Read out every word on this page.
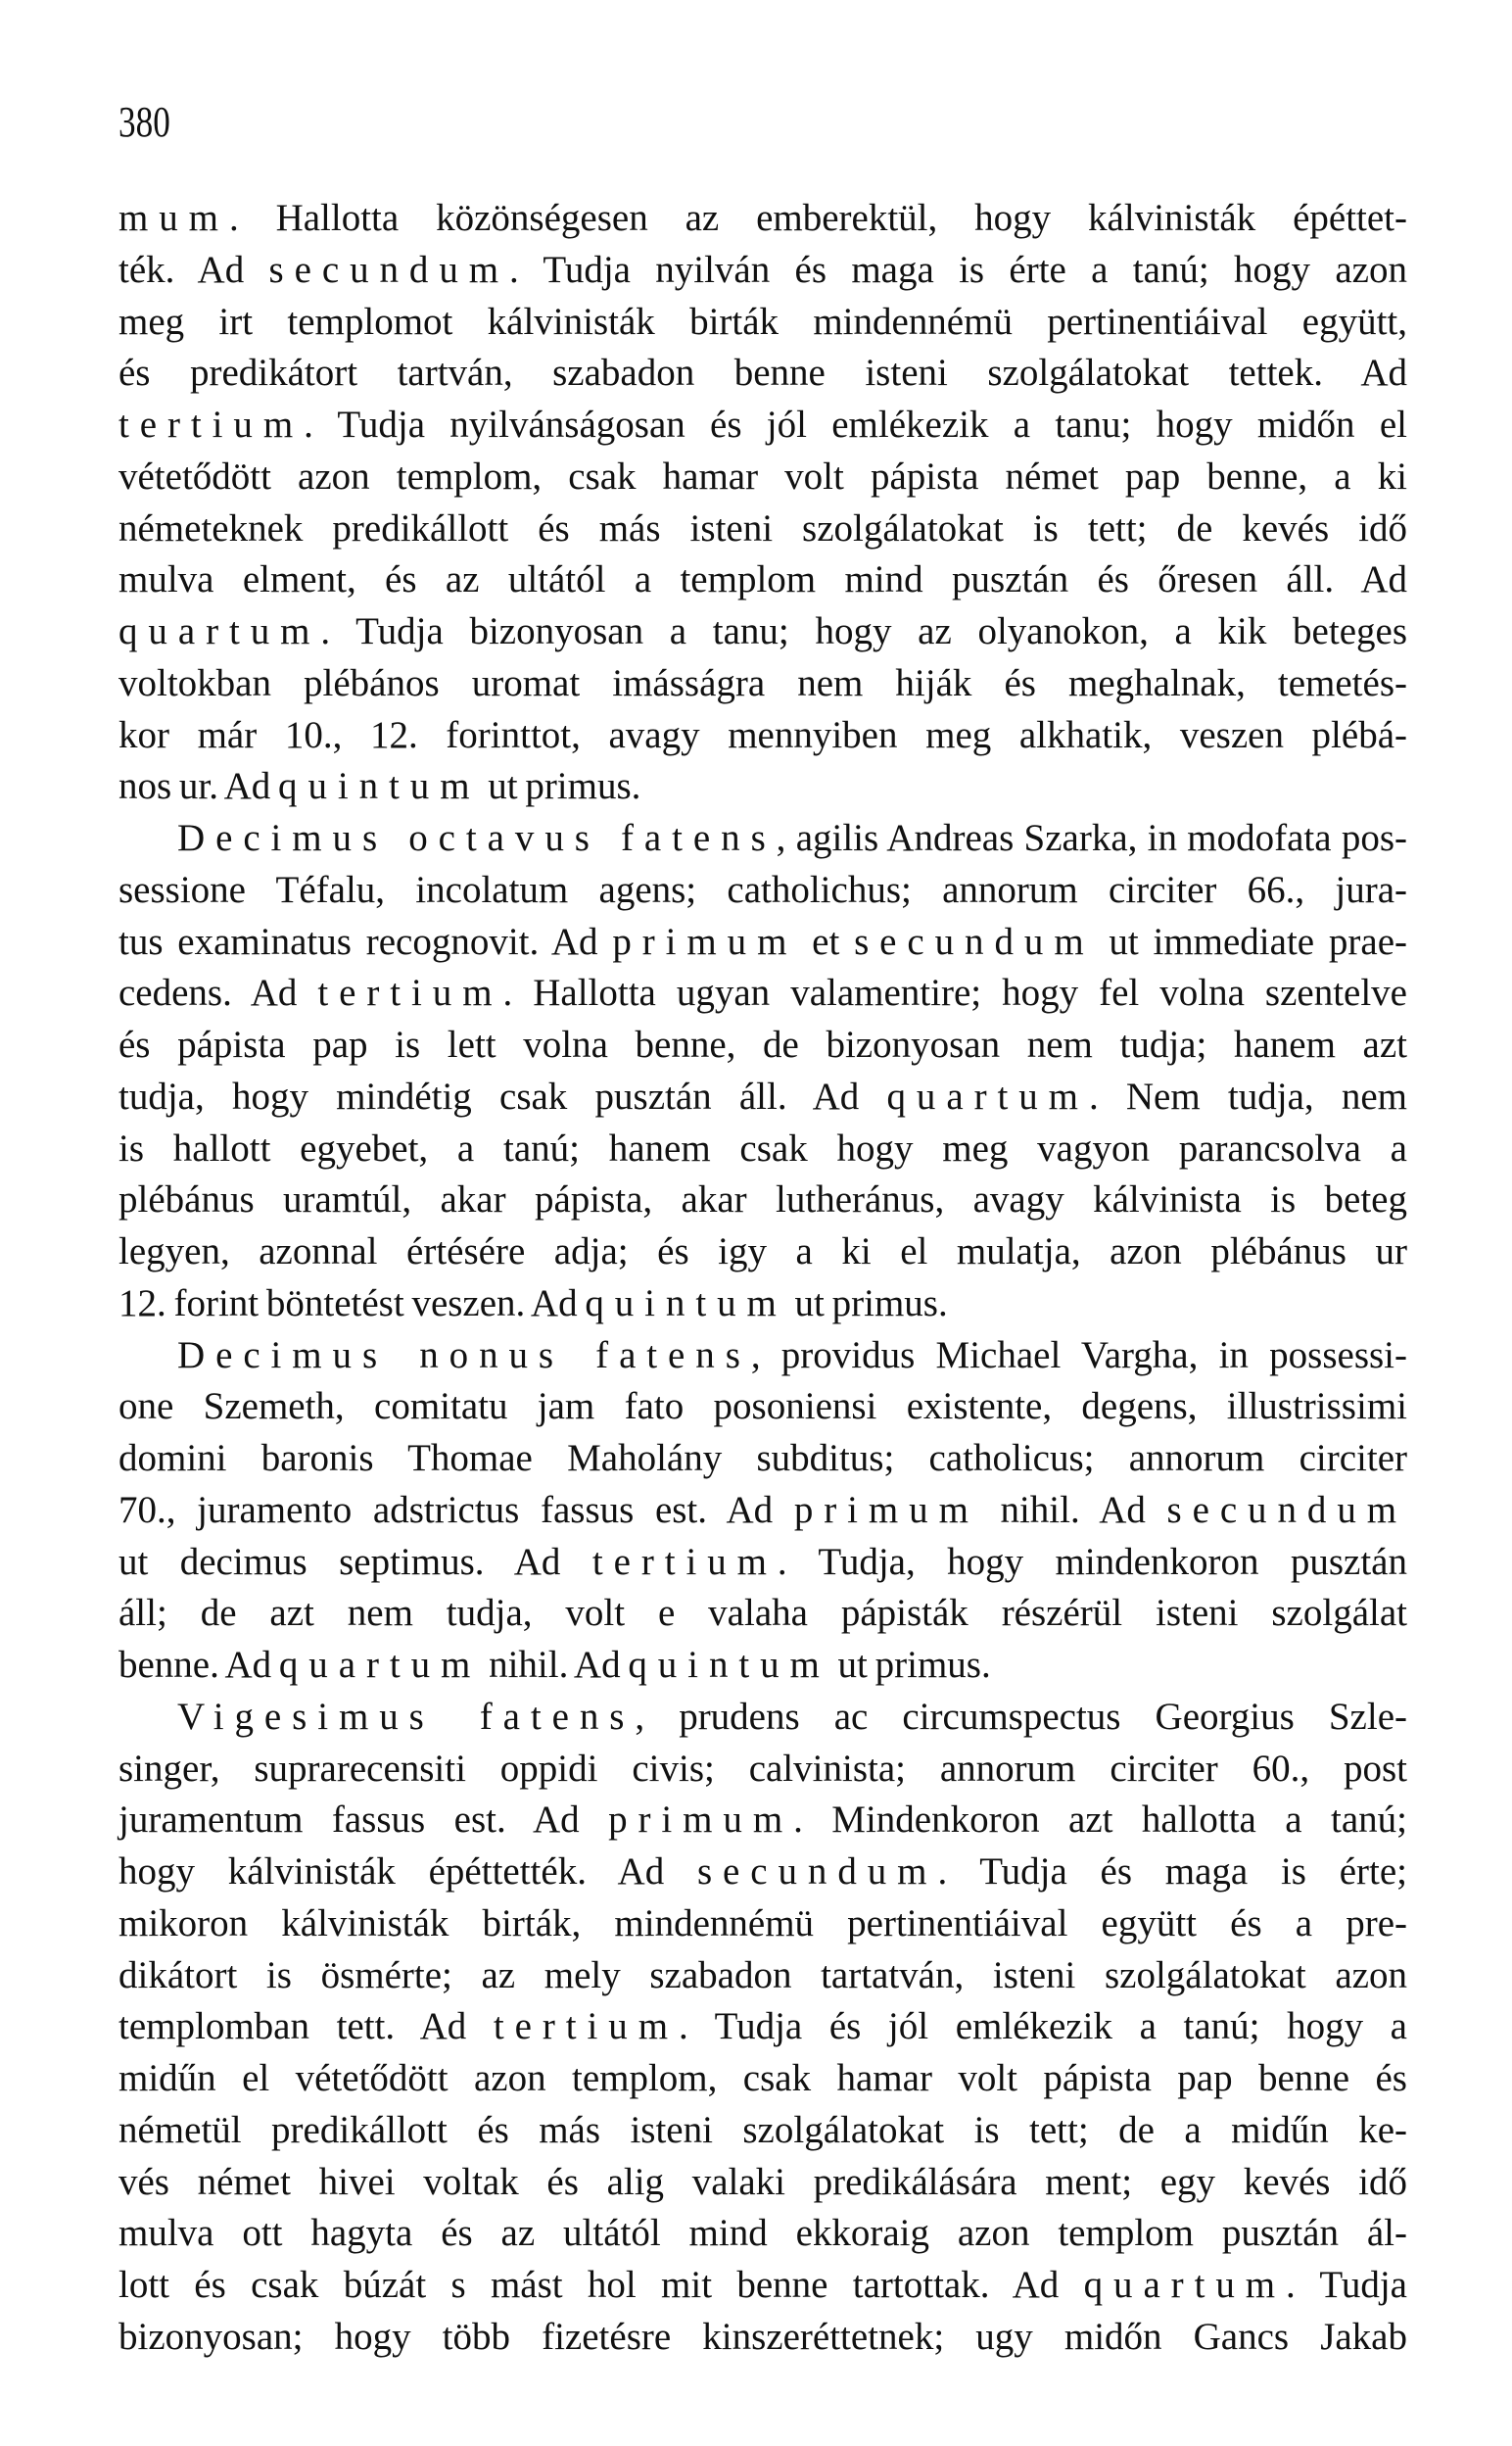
380
mum. Hallotta közönségesen az emberektül, hogy kálvinisták épéttet-
ték. Ad secundum. Tudja nyilván és maga is érte a tanú; hogy azon
meg irt templomot kálvinisták birták mindennémü pertinentiáival együtt,
és predikátort tartván, szabadon benne isteni szolgálatokat tettek. Ad
tertium. Tudja nyilvánságosan és jól emlékezik a tanu; hogy midőn el
vétetődött azon templom, csak hamar volt pápista német pap benne, a ki
németeknek predikállott és más isteni szolgálatokat is tett; de kevés idő
mulva elment, és az ultától a templom mind pusztán és őresen áll. Ad
quartum. Tudja bizonyosan a tanu; hogy az olyanokon, a kik beteges
voltokban plébános uromat imásságra nem hiják és meghalnak, temetés-
kor már 10., 12. forinttot, avagy mennyiben meg alkhatik, veszen plébá-
nos ur. Ad quintum ut primus.
Decimus octavus fatens, agilis Andreas Szarka, in modofata pos-
sessione Téfalu, incolatum agens; catholichus; annorum circiter 66., jura-
tus examinatus recognovit. Ad primum et secundum ut immediate prae-
cedens. Ad tertium. Hallotta ugyan valamentire; hogy fel volna szentelve
és pápista pap is lett volna benne, de bizonyosan nem tudja; hanem azt
tudja, hogy mindétig csak pusztán áll. Ad quartum. Nem tudja, nem
is hallott egyebet, a tanú; hanem csak hogy meg vagyon parancsolva a
plébánus uramtúl, akar pápista, akar lutheránus, avagy kálvinista is beteg
legyen, azonnal értésére adja; és igy a ki el mulatja, azon plébánus ur
12. forint böntetést veszen. Ad quintum ut primus.
Decimus nonus fatens, providus Michael Vargha, in possessi-
one Szemeth, comitatu jam fato posoniensi existente, degens, illustrissimi
domini baronis Thomae Maholány subditus; catholicus; annorum circiter
70., juramento adstrictus fassus est. Ad primum nihil. Ad secundum
ut decimus septimus. Ad tertium. Tudja, hogy mindenkoron pusztán
áll; de azt nem tudja, volt e valaha pápisták részérül isteni szolgálat
benne. Ad quartum nihil. Ad quintum ut primus.
Vigesimus fatens, prudens ac circumspectus Georgius Szle-
singer, suprarecensiti oppidi civis; calvinista; annorum circiter 60., post
juramentum fassus est. Ad primum. Mindenkoron azt hallotta a tanú;
hogy kálvinisták épéttették. Ad secundum. Tudja és maga is érte;
mikoron kálvinisták birták, mindennémü pertinentiáival együtt és a pre-
dikátort is ösmérte; az mely szabadon tartatván, isteni szolgálatokat azon
templomban tett. Ad tertium. Tudja és jól emlékezik a tanú; hogy a
midűn el vétetődött azon templom, csak hamar volt pápista pap benne és
németül predikállott és más isteni szolgálatokat is tett; de a midűn ke-
vés német hivei voltak és alig valaki predikálására ment; egy kevés idő
mulva ott hagyta és az ultától mind ekkoraig azon templom pusztán ál-
lott és csak búzát s mást hol mit benne tartottak. Ad quartum. Tudja
bizonyosan; hogy több fizetésre kinszeréttetnek; ugy midőn Gancs Jakab
